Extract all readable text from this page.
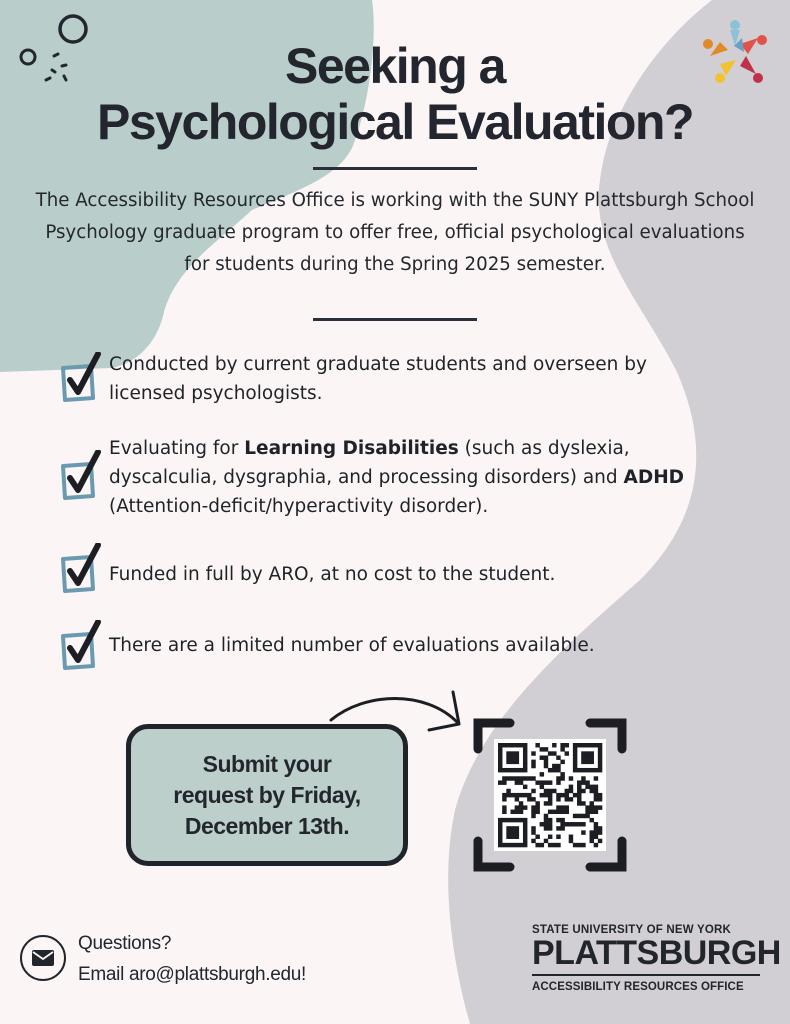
Seeking a
Psychological Evaluation?

The Accessibility Resources Office is working with the SUNY Plattsburgh School Psychology graduate program to offer free, official psychological evaluations for students during the Spring 2025 semester.

Conducted by current graduate students and overseen by licensed psychologists.
Evaluating for Learning Disabilities (such as dyslexia, dyscalculia, dysgraphia, and processing disorders) and ADHD (Attention-deficit/hyperactivity disorder).
Funded in full by ARO, at no cost to the student.
There are a limited number of evaluations available.
Submit your
request by Friday,
December 13th.
Questions?
Email aro@plattsburgh.edu!
STATE UNIVERSITY OF NEW YORK
PLATTSBURGH
ACCESSIBILITY RESOURCES OFFICE
